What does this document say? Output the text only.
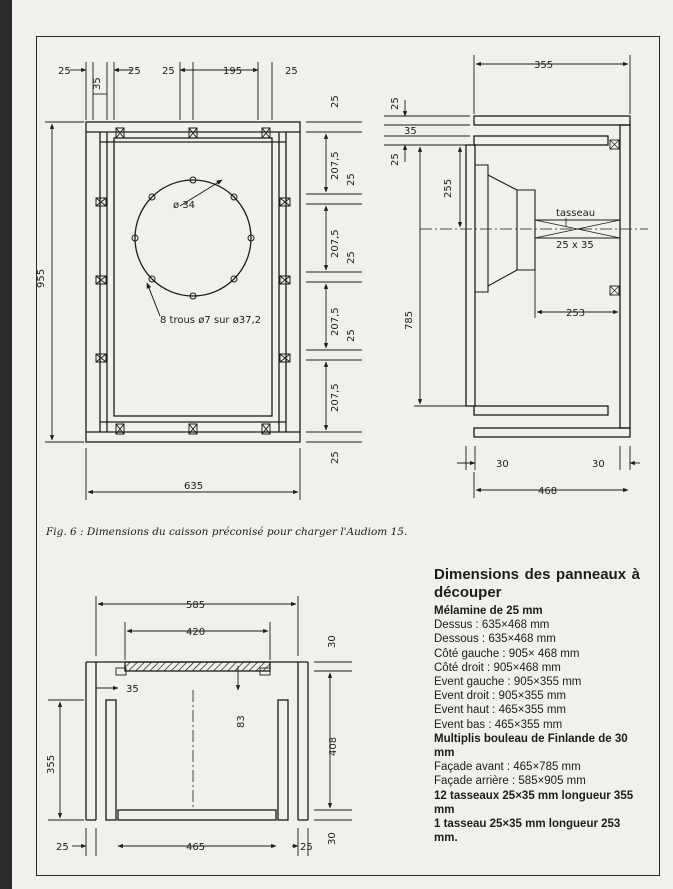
25
35
25 25	195	25
955
635
ø 34
8 trous ø7 sur ø37,2
25
207,5 25
207,5 25
207,5 25
207,5
25
355
25
35
25
255
785
tasseau
25 x 35
253
30	30
468
585
420
35
83
30
408
30
355
25	465	25
Fig. 6 : Dimensions du caisson préconisé pour charger l'Audiom 15.
Dimensions des panneaux à découper
Mélamine de 25 mm
Dessus : 635×468 mm
Dessous : 635×468 mm
Côté gauche : 905× 468 mm
Côté droit : 905×468 mm
Event gauche : 905×355 mm
Event droit : 905×355 mm
Event haut : 465×355 mm
Event bas : 465×355 mm
Multiplis bouleau de Finlande de 30 mm
Façade avant : 465×785 mm
Façade arrière : 585×905 mm
12 tasseaux 25×35 mm longueur 355 mm
1 tasseau 25×35 mm longueur 253 mm.
